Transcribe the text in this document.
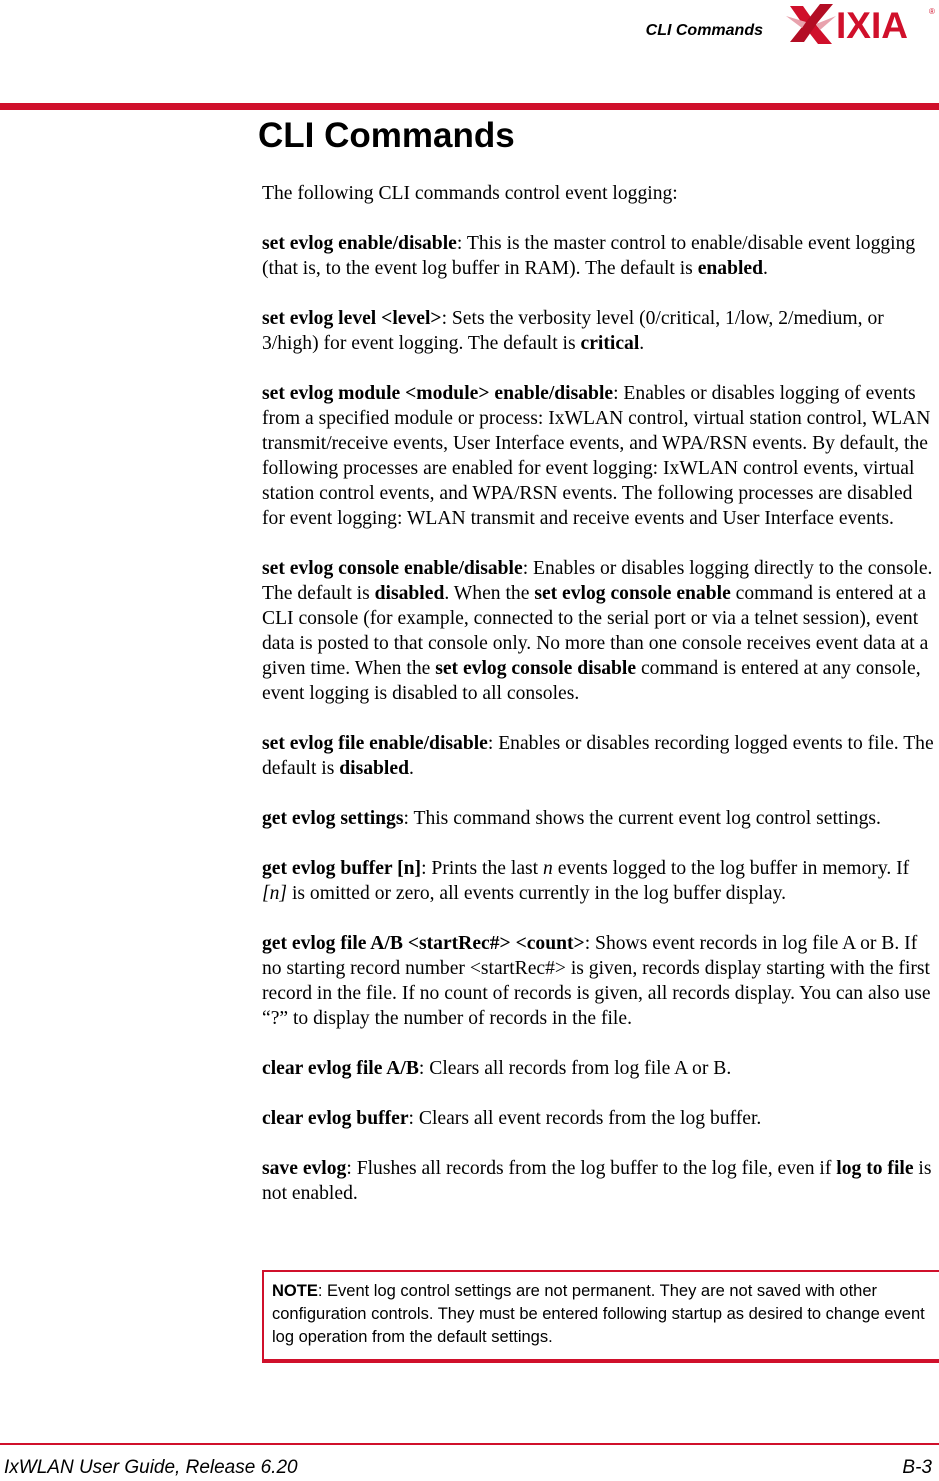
CLI Commands IXIA	®
CLI Commands

The following CLI commands control event logging:

set evlog enable/disable: This is the master control to enable/disable event logging (that is, to the event log buffer in RAM). The default is enabled.

set evlog level <level>: Sets the verbosity level (0/critical, 1/low, 2/medium, or 3/high) for event logging. The default is critical.

set evlog module <module> enable/disable: Enables or disables logging of events from a specified module or process: IxWLAN control, virtual station control, WLAN transmit/receive events, User Interface events, and WPA/RSN events. By default, the following processes are enabled for event logging: IxWLAN control events, virtual station control events, and WPA/RSN events. The following processes are disabled for event logging: WLAN transmit and receive events and User Interface events.

set evlog console enable/disable: Enables or disables logging directly to the console. The default is disabled. When the set evlog console enable command is entered at a CLI console (for example, connected to the serial port or via a telnet session), event data is posted to that console only. No more than one console receives event data at a given time. When the set evlog console disable command is entered at any console, event logging is disabled to all consoles.

set evlog file enable/disable: Enables or disables recording logged events to file. The default is disabled.

get evlog settings: This command shows the current event log control settings.

get evlog buffer [n]: Prints the last n events logged to the log buffer in memory. If [n] is omitted or zero, all events currently in the log buffer display.

get evlog file A/B <startRec#> <count>: Shows event records in log file A or B. If no starting record number <startRec#> is given, records display starting with the first record in the file. If no count of records is given, all records display. You can also use “?” to display the number of records in the file.

clear evlog file A/B: Clears all records from log file A or B.

clear evlog buffer: Clears all event records from the log buffer.

save evlog: Flushes all records from the log buffer to the log file, even if log to file is not enabled.

NOTE: Event log control settings are not permanent. They are not saved with other configuration controls. They must be entered following startup as desired to change event log operation from the default settings.
IxWLAN User Guide, Release 6.20	B-3
